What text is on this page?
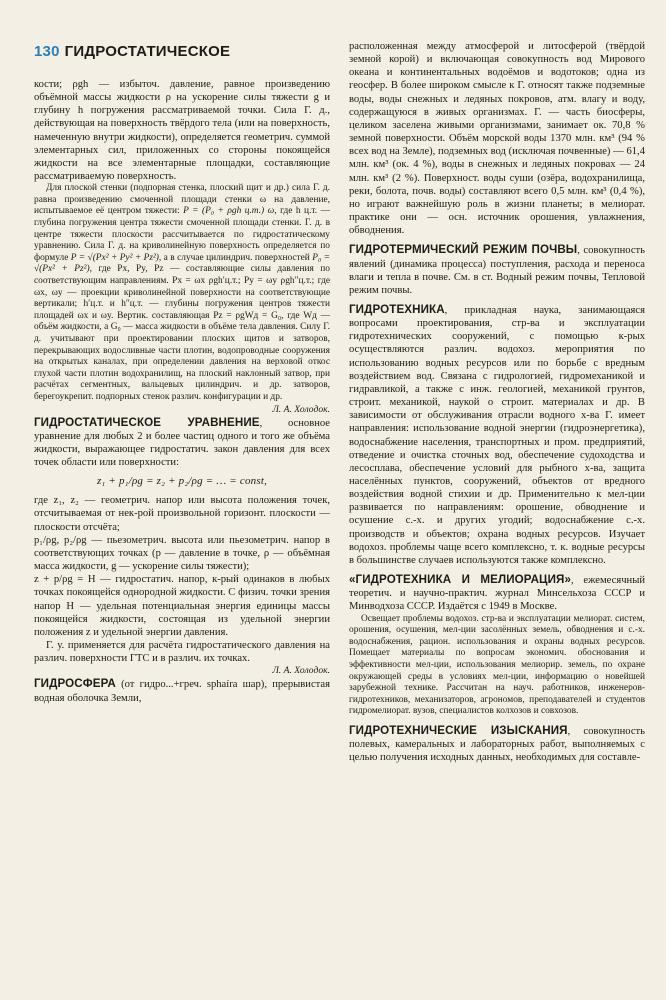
130 ГИДРОСТАТИЧЕСКОЕ

кости; ρgh — избыточ. давление, равное произведению объёмной массы жидкости ρ на ускорение силы тяжести g и глубину h погружения рассматриваемой точки. Сила Г. д., действующая на поверхность твёрдого тела (или на поверхность, намеченную внутри жидкости), определяется геометрич. суммой элементарных сил, приложенных со стороны покоящейся жидкости на все элементарные площадки, составляющие рассматриваемую поверхность.

Для плоской стенки (подпорная стенка, плоский щит и др.) сила Г. д. равна произведению смоченной площади стенки ω на давление, испытываемое её центром тяжести: P = (P₀ + ρgh ц.т.) ω, где h ц.т. — глубина погружения центра тяжести смоченной площади стенки. Г. д. в центре тяжести плоскости рассчитывается по гидростатическому уравнению. Сила Г. д. на криволинейную поверхность определяется по формуле P = √(Px² + Py² + Pz²), а в случае цилиндрич. поверхностей P₀ = √(Px² + Pz²), где Px, Py, Pz — составляющие силы давления по соответствующим направлениям. Px = ωx ρgh′ц.т.; Py = ωy ρgh″ц.т.; где ωx, ωy — проекции криволинейной поверхности на соответствующие вертикали; h′ц.т. и h″ц.т. — глубины погружения центров тяжести площадей ωx и ωy. Вертик. составляющая Pz = ρgWд = G₀, где Wд — объём жидкости, а G₀ — масса жидкости в объёме тела давления. Силу Г. д. учитывают при проектировании плоских щитов и затворов, перекрывающих водосливные части плотин, водопроводные сооружения на открытых каналах, при определении давления на верховой откос глухой части плотин водохранилищ, на плоский наклонный затвор, при расчётах сегментных, вальцевых цилиндрич. и др. затворов, берегоукрепит. подпорных стенок различ. конфигурации и др.

Л. А. Холодок.

ГИДРОСТАТИЧЕСКОЕ УРАВНЕНИЕ, основное уравнение для любых 2 и более частиц одного и того же объёма жидкости, выражающее гидростатич. закон давления для всех точек области или поверхности:

z₁ + p₁/ρg = z₂ + p₂/ρg = … = const,

где z₁, z₂ — геометрич. напор или высота положения точек, отсчитываемая от нек-рой произвольной горизонт. плоскости — плоскости отсчёта;

p₁/ρg, p₂/ρg — пьезометрич. высота или пьезометрич. напор в соответствующих точках (p — давление в точке, ρ — объёмная масса жидкости, g — ускорение силы тяжести);

z + p/ρg = H — гидростатич. напор, к-рый одинаков в любых точках покоящейся однородной жидкости. С физич. точки зрения напор H — удельная потенциальная энергия единицы массы покоящейся жидкости, состоящая из удельной энергии положения z и удельной энергии давления.

Г. у. применяется для расчёта гидростатического давления на различ. поверхности ГТС и в различ. их точках.

Л. А. Холодок.

ГИДРОСФЕРА (от гидро...+греч. sphaíra шар), прерывистая водная оболочка Земли,

расположенная между атмосферой и литосферой (твёрдой земной корой) и включающая совокупность вод Мирового океана и континентальных водоёмов и водотоков; одна из геосфер. В более широком смысле к Г. относят также подземные воды, воды снежных и ледяных покровов, атм. влагу и воду, содержащуюся в живых организмах. Г. — часть биосферы, целиком заселена живыми организмами, занимает ок. 70,8 % земной поверхности. Объём морской воды 1370 млн. км³ (94 % всех вод на Земле), подземных вод (исключая почвенные) — 61,4 млн. км³ (ок. 4 %), воды в снежных и ледяных покровах — 24 млн. км³ (2 %). Поверхност. воды суши (озёра, водохранилища, реки, болота, почв. воды) составляют всего 0,5 млн. км³ (0,4 %), но играют важнейшую роль в жизни планеты; в мелиорат. практике они — осн. источник орошения, увлажнения, обводнения.

ГИДРОТЕРМИЧЕСКИЙ РЕЖИМ ПОЧВЫ, совокупность явлений (динамика процесса) поступления, расхода и переноса влаги и тепла в почве. См. в ст. Водный режим почвы, Тепловой режим почвы.

ГИДРОТЕХНИКА, прикладная наука, занимающаяся вопросами проектирования, стр-ва и эксплуатации гидротехнических сооружений, с помощью к-рых осуществляются различ. водохоз. мероприятия по использованию водных ресурсов или по борьбе с вредным воздействием вод. Связана с гидрологией, гидромеханикой и гидравликой, а также с инж. геологией, механикой грунтов, строит. механикой, наукой о строит. материалах и др. В зависимости от обслуживания отрасли водного х-ва Г. имеет направления: использование водной энергии (гидроэнергетика), водоснабжение населения, транспортных и пром. предприятий, отведение и очистка сточных вод, обеспечение судоходства и лесосплава, обеспечение условий для рыбного х-ва, защита населённых пунктов, сооружений, объектов от вредного воздействия водной стихии и др. Применительно к мел-ции развивается по направлениям: орошение, обводнение и осушение с.-х. и других угодий; водоснабжение с.-х. производств и объектов; охрана водных ресурсов. Изучает водохоз. проблемы чаще всего комплексно, т. к. водные ресурсы в большинстве случаев используются также комплексно.

«ГИДРОТЕХНИКА И МЕЛИОРАЦИЯ», ежемесячный теоретич. и научно-практич. журнал Минсельхоза СССР и Минводхоза СССР. Издаётся с 1949 в Москве.

Освещает проблемы водохоз. стр-ва и эксплуатации мелиорат. систем, орошения, осушения, мел-ции засолённых земель, обводнения и с.-х. водоснабжения, рацион. использования и охраны водных ресурсов. Помещает материалы по вопросам экономич. обоснования и эффективности мел-ции, использования мелиорир. земель, по охране окружающей среды в условиях мел-ции, информацию о новейшей зарубежной технике. Рассчитан на науч. работников, инженеров-гидротехников, механизаторов, агрономов, преподавателей и студентов гидромелиорат. вузов, специалистов колхозов и совхозов.

ГИДРОТЕХНИЧЕСКИЕ ИЗЫСКАНИЯ, совокупность полевых, камеральных и лабораторных работ, выполняемых с целью получения исходных данных, необходимых для составле-
